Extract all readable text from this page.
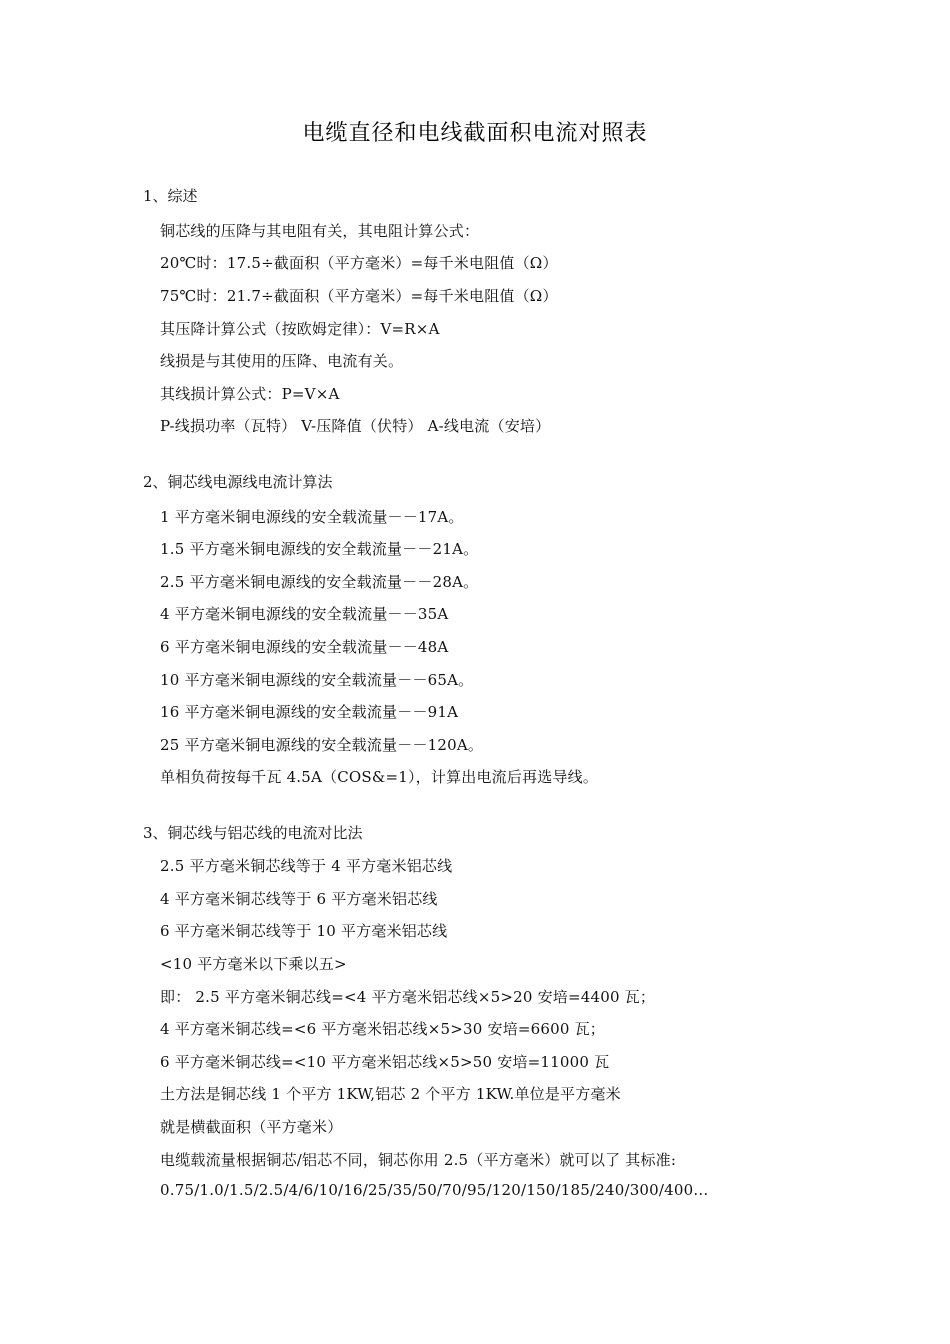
电缆直径和电线截面积电流对照表
1、综述
铜芯线的压降与其电阻有关，其电阻计算公式：
20℃时：17.5÷截面积（平方毫米）=每千米电阻值（Ω）
75℃时：21.7÷截面积（平方毫米）=每千米电阻值（Ω）
其压降计算公式（按欧姆定律）：V=R×A
线损是与其使用的压降、电流有关。
其线损计算公式：P=V×A
P-线损功率（瓦特） V-压降值（伏特） A-线电流（安培）
2、铜芯线电源线电流计算法
1 平方毫米铜电源线的安全载流量－－17A。
1.5 平方毫米铜电源线的安全载流量－－21A。
2.5 平方毫米铜电源线的安全载流量－－28A。
4 平方毫米铜电源线的安全载流量－－35A
6 平方毫米铜电源线的安全载流量－－48A
10 平方毫米铜电源线的安全载流量－－65A。
16 平方毫米铜电源线的安全载流量－－91A
25 平方毫米铜电源线的安全载流量－－120A。
单相负荷按每千瓦 4.5A（COS&=1），计算出电流后再选导线。
3、铜芯线与铝芯线的电流对比法
2.5 平方毫米铜芯线等于 4 平方毫米铝芯线
4 平方毫米铜芯线等于 6 平方毫米铝芯线
6 平方毫米铜芯线等于 10 平方毫米铝芯线
<10 平方毫米以下乘以五>
即： 2.5 平方毫米铜芯线=<4 平方毫米铝芯线×5>20 安培=4400 瓦；
4 平方毫米铜芯线=<6 平方毫米铝芯线×5>30 安培=6600 瓦；
6 平方毫米铜芯线=<10 平方毫米铝芯线×5>50 安培=11000 瓦
土方法是铜芯线 1 个平方 1KW,铝芯 2 个平方 1KW.单位是平方毫米
就是横截面积（平方毫米）
电缆载流量根据铜芯/铝芯不同，铜芯你用 2.5（平方毫米）就可以了 其标准:
0.75/1.0/1.5/2.5/4/6/10/16/25/35/50/70/95/120/150/185/240/300/400...
